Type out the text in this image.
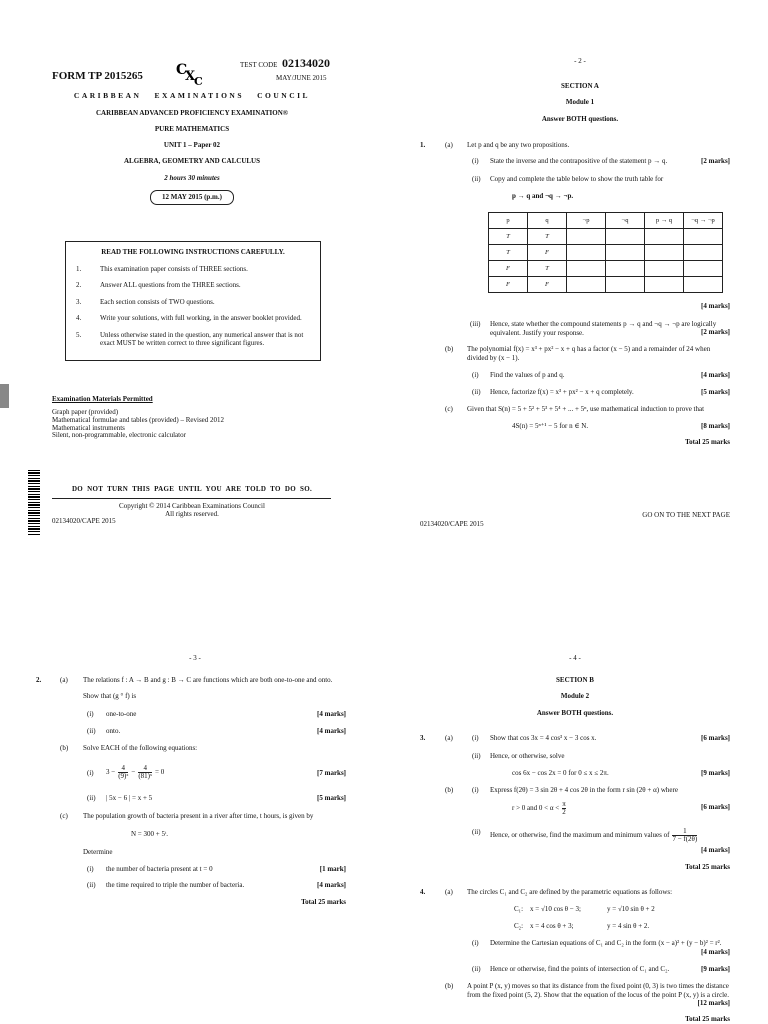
FORM TP 2015265 C
X
C
TEST CODE 02134020
MAY/JUNE 2015
CARIBBEAN   EXAMINATIONS   COUNCIL
CARIBBEAN ADVANCED PROFICIENCY EXAMINATION®
PURE MATHEMATICS
UNIT 1 – Paper 02
ALGEBRA, GEOMETRY AND CALCULUS
2 hours 30 minutes
12 MAY 2015 (p.m.)
READ THE FOLLOWING INSTRUCTIONS CAREFULLY.
1.	This examination paper consists of THREE sections.
2.	Answer ALL questions from the THREE sections.
3.	Each section consists of TWO questions.
4.	Write your solutions, with full working, in the answer booklet provided.
5.	Unless otherwise stated in the question, any numerical answer that is not exact MUST be written correct to three significant figures.
Examination Materials Permitted
Graph paper (provided)
Mathematical formulae and tables (provided) – Revised 2012
Mathematical instruments
Silent, non-programmable, electronic calculator
DO  NOT  TURN  THIS  PAGE  UNTIL  YOU  ARE  TOLD  TO  DO  SO.
Copyright © 2014 Caribbean Examinations Council
All rights reserved.
02134020/CAPE 2015
- 2 -
SECTION A
Module 1
Answer BOTH questions.
1.	(a) Let p and q be any two propositions.
(i) State the inverse and the contrapositive of the statement p → q.	[2 marks]
(ii) Copy and complete the table below to show the truth table for
p → q and ¬q → ¬p.
p	q	¬p	¬q	p → q	¬q → ¬p
T	T				
T	F				
F	T				
F	F				
[4 marks]
(iii) Hence, state whether the compound statements p → q and ¬q → ¬p are logically equivalent. Justify your response.	[2 marks]
(b) The polynomial f(x) = x³ + px² − x + q has a factor (x − 5) and a remainder of 24 when divided by (x − 1).
(i) Find the values of p and q.	[4 marks]
(ii) Hence, factorize f(x) = x³ + px² − x + q completely.	[5 marks]
(c) Given that S(n) = 5 + 5² + 5³ + 5⁴ + ... + 5ⁿ, use mathematical induction to prove that
4S(n) = 5ⁿ⁺¹ − 5 for n ∈ N.	[8 marks]
Total 25 marks
GO ON TO THE NEXT PAGE
02134020/CAPE 2015
- 3 -
2.	(a) The relations f : A → B and g : B → C are functions which are both one-to-one and onto.
Show that (g ° f) is
(i) one-to-one	[4 marks]
(ii) onto.	[4 marks]
(b) Solve EACH of the following equations:
(i) $3 - \frac{4}{\text{(9)ˣ}} - \frac{4}{\text{(81)ˣ}} = 0$	[7 marks]
(ii) | 5x − 6 | = x + 5	[5 marks]
(c) The population growth of bacteria present in a river after time, t hours, is given by
N = 300 + 5ᵗ.
Determine
(i) the number of bacteria present at t = 0	[1 mark]
(ii) the time required to triple the number of bacteria.	[4 marks]
Total 25 marks
- 4 -
SECTION B
Module 2
Answer BOTH questions.
3.	(a)	(i) Show that cos 3x = 4 cos³ x − 3 cos x.	[6 marks]
(ii) Hence, or otherwise, solve
cos 6x − cos 2x = 0 for 0 ≤ x ≤ 2π.	[9 marks]
(b)	(i) Express f(2θ) = 3 sin 2θ + 4 cos 2θ in the form r sin (2θ + α) where
r > 0 and $0 < \alpha < \frac{\pi}{2}$	[6 marks]
(ii) Hence, or otherwise, find the maximum and minimum values of $\frac{1}{7 - f(2\theta)}$
[4 marks]
Total 25 marks
4.	(a) The circles C₁ and C₂ are defined by the parametric equations as follows:
C₁:    x = √10 cos θ − 3;	y = √10 sin θ + 2
C₂:    x = 4 cos θ + 3;	y = 4 sin θ + 2.
(i) Determine the Cartesian equations of C₁ and C₂ in the form (x − a)² + (y − b)² = r².
[4 marks]
(ii) Hence or otherwise, find the points of intersection of C₁ and C₂.	[9 marks]
(b) A point P (x, y) moves so that its distance from the fixed point (0, 3) is two times the distance from the fixed point (5, 2). Show that the equation of the locus of the point P (x, y) is a circle.
[12 marks]
Total 25 marks
